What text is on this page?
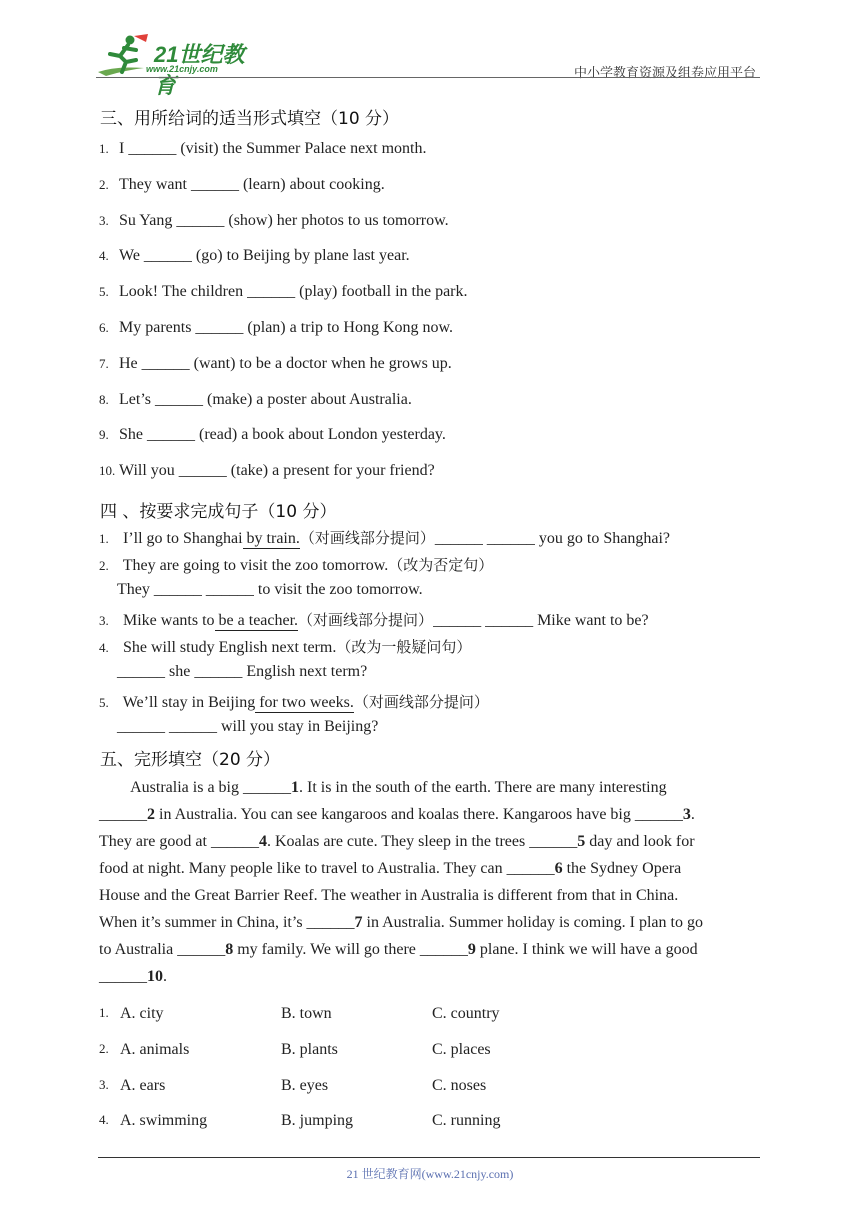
21世纪教育
www.21cnjy.com	中小学教育资源及组卷应用平台
三、用所给词的适当形式填空（10 分）
1. I ______ (visit) the Summer Palace next month.
2. They want ______ (learn) about cooking.
3. Su Yang ______ (show) her photos to us tomorrow.
4. We ______ (go) to Beijing by plane last year.
5. Look! The children ______ (play) football in the park.
6. My parents ______ (plan) a trip to Hong Kong now.
7. He ______ (want) to be a doctor when he grows up.
8. Let’s ______ (make) a poster about Australia.
9. She ______ (read) a book about London yesterday.
10. Will you ______ (take) a present for your friend?
四 、按要求完成句子（10 分）
1. I’ll go to Shanghai by train.（对画线部分提问）______ ______ you go to Shanghai?
2. They are going to visit the zoo tomorrow.（改为否定句）
They ______ ______ to visit the zoo tomorrow.
3. Mike wants to be a teacher.（对画线部分提问）______ ______ Mike want to be?
4. She will study English next term.（改为一般疑问句）
______ she ______ English next term?
5. We’ll stay in Beijing for two weeks.（对画线部分提问）
______ ______ will you stay in Beijing?
五、完形填空（20 分）
Australia is a big ______1. It is in the south of the earth. There are many interesting
______2 in Australia. You can see kangaroos and koalas there. Kangaroos have big ______3.
They are good at ______4. Koalas are cute. They sleep in the trees ______5 day and look for
food at night. Many people like to travel to Australia. They can ______6 the Sydney Opera
House and the Great Barrier Reef. The weather in Australia is different from that in China.
When it’s summer in China, it’s ______7 in Australia. Summer holiday is coming. I plan to go
to Australia ______8 my family. We will go there ______9 plane. I think we will have a good
______10.
1. A. city	B. town	C. country
2. A. animals	B. plants	C. places
3. A. ears	B. eyes	C. noses
4. A. swimming	B. jumping	C. running
21 世纪教育网(www.21cnjy.com)
